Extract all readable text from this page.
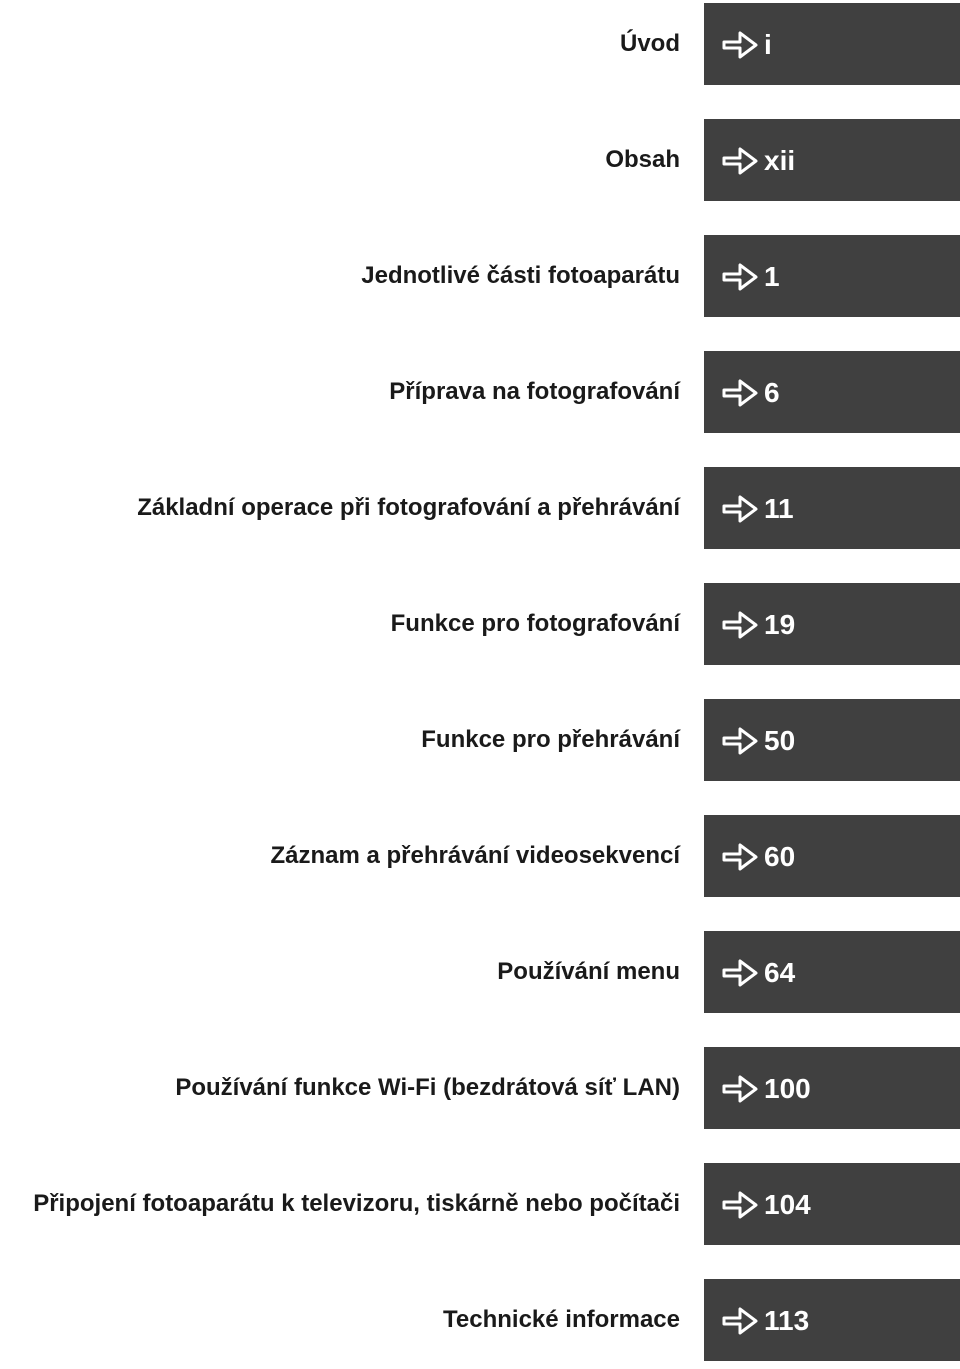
Úvod	i
Obsah	xii
Jednotlivé části fotoaparátu	1
Příprava na fotografování	6
Základní operace při fotografování a přehrávání	11
Funkce pro fotografování	19
Funkce pro přehrávání	50
Záznam a přehrávání videosekvencí	60
Používání menu	64
Používání funkce Wi-Fi (bezdrátová síť LAN)	100
Připojení fotoaparátu k televizoru, tiskárně nebo počítači	104
Technické informace	113
